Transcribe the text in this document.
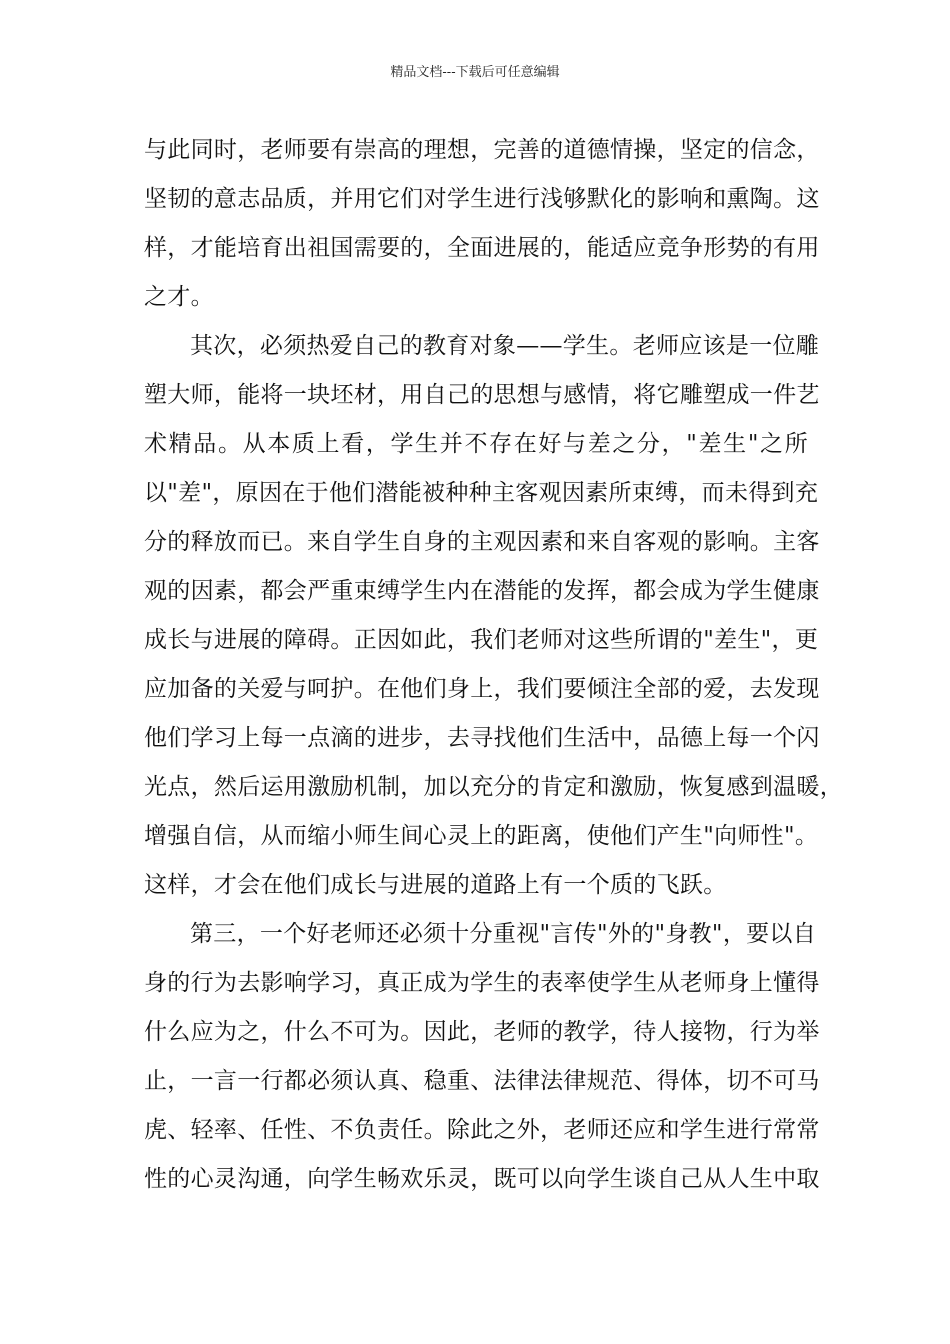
精品文档---下载后可任意编辑
与此同时，老师要有崇高的理想，完善的道德情操，坚定的信念，
坚韧的意志品质，并用它们对学生进行浅够默化的影响和熏陶。这
样，才能培育出祖国需要的，全面进展的，能适应竞争形势的有用
之才。
其次，必须热爱自己的教育对象——学生。老师应该是一位雕
塑大师，能将一块坯材，用自己的思想与感情，将它雕塑成一件艺
术精品。从本质上看，学生并不存在好与差之分，"差生"之所
以"差"，原因在于他们潜能被种种主客观因素所束缚，而未得到充
分的释放而已。来自学生自身的主观因素和来自客观的影响。主客
观的因素，都会严重束缚学生内在潜能的发挥，都会成为学生健康
成长与进展的障碍。正因如此，我们老师对这些所谓的"差生"，更
应加备的关爱与呵护。在他们身上，我们要倾注全部的爱，去发现
他们学习上每一点滴的进步，去寻找他们生活中，品德上每一个闪
光点，然后运用激励机制，加以充分的肯定和激励，恢复感到温暖，
增强自信，从而缩小师生间心灵上的距离，使他们产生"向师性"。
这样，才会在他们成长与进展的道路上有一个质的飞跃。
第三，一个好老师还必须十分重视"言传"外的"身教"，要以自
身的行为去影响学习，真正成为学生的表率使学生从老师身上懂得
什么应为之，什么不可为。因此，老师的教学，待人接物，行为举
止，一言一行都必须认真、稳重、法律法律规范、得体，切不可马
虎、轻率、任性、不负责任。除此之外，老师还应和学生进行常常
性的心灵沟通，向学生畅欢乐灵，既可以向学生谈自己从人生中取
